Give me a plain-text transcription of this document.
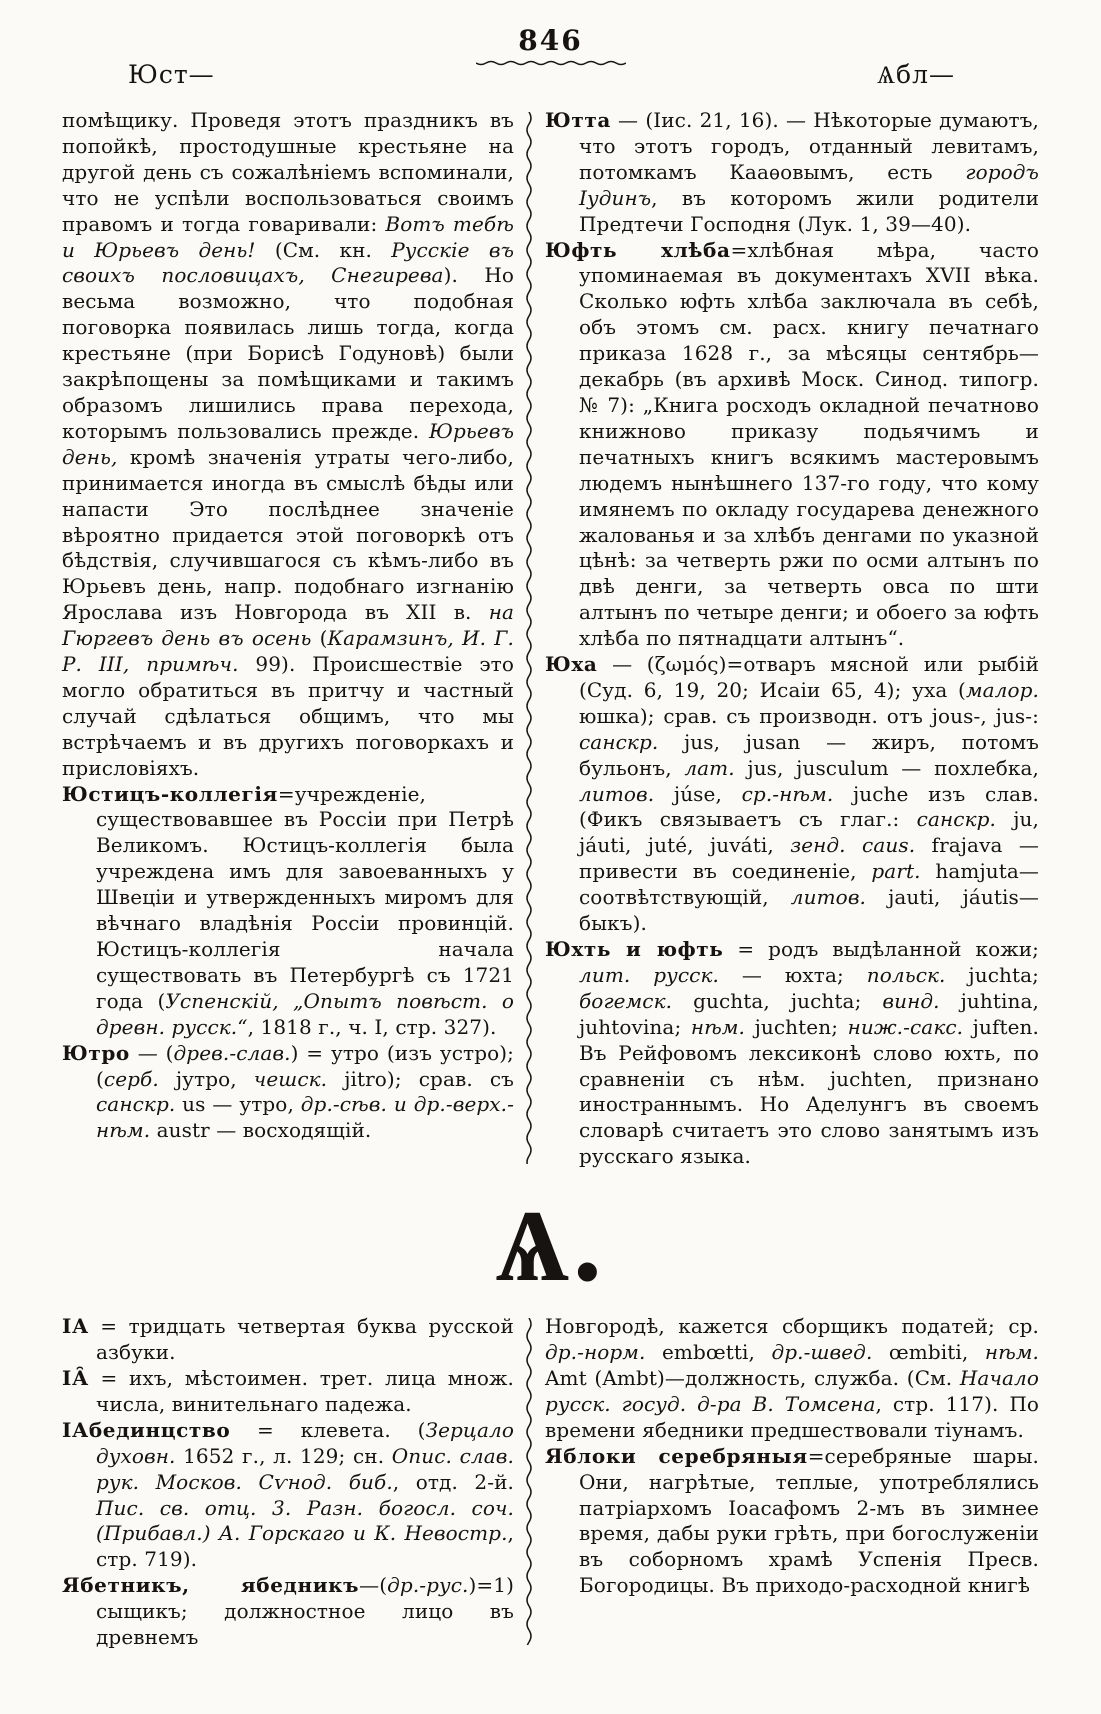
Юст—
846
Ѧбл—

помѣщику. Проведя этотъ праздникъ въ попойкѣ, простодушные крестьяне на другой день съ сожалѣніемъ вспоминали, что не успѣли воспользоваться своимъ правомъ и тогда говаривали: Вотъ тебѣ и Юрьевъ день! (См. кн. Русскіе въ своихъ пословицахъ, Снегирева). Но весьма возможно, что подобная поговорка появилась лишь тогда, когда крестьяне (при Борисѣ Годуновѣ) были закрѣпощены за помѣщиками и такимъ образомъ лишились права перехода, которымъ пользовались прежде. Юрьевъ день, кромѣ значенія утраты чего-либо, принимается иногда въ смыслѣ бѣды или напасти Это послѣднее значеніе вѣроятно придается этой поговоркѣ отъ бѣдствія, случившагося съ кѣмъ-либо въ Юрьевъ день, напр. подобнаго изгнанію Ярослава изъ Новгорода въ XII в. на Гюргевъ день въ осень (Карамзинъ, И. Г. Р. III, примѣч. 99). Происшествіе это могло обратиться въ притчу и частный случай сдѣлаться общимъ, что мы встрѣчаемъ и въ другихъ поговоркахъ и присловіяхъ.

Юстицъ-коллегія=учрежденіе, существовавшее въ Россіи при Петрѣ Великомъ. Юстицъ-коллегія была учреждена имъ для завоеванныхъ у Швеціи и утвержденныхъ миромъ для вѣчнаго владѣнія Россіи провинцій. Юстицъ-коллегія начала существовать въ Петербургѣ съ 1721 года (Успенскій, „Опытъ повѣст. о древн. русск.“, 1818 г., ч. I, стр. 327).

Ютро — (древ.-слав.) = утро (изъ устро); (серб. јутро, чешск. jitro); срав. съ санскр. us — утро, др.-сѣв. и др.-верх.-нѣм. austr — восходящій.

Ютта — (Іис. 21, 16). — Нѣкоторые думаютъ, что этотъ городъ, отданный левитамъ, потомкамъ Кааѳовымъ, есть городъ Іудинъ, въ которомъ жили родители Предтечи Господня (Лук. 1, 39—40).

Юфть хлѣба=хлѣбная мѣра, часто упоминаемая въ документахъ XVII вѣка. Сколько юфть хлѣба заключала въ себѣ, объ этомъ см. расх. книгу печатнаго приказа 1628 г., за мѣсяцы сентябрь—декабрь (въ архивѣ Моск. Синод. типогр. № 7): „Книга росходъ окладной печатново книжново приказу подьячимъ и печатныхъ книгъ всякимъ мастеровымъ людемъ нынѣшнего 137-го году, что кому имянемъ по окладу государева денежного жалованья и за хлѣбъ денгами по указной цѣнѣ: за четверть ржи по осми алтынъ по двѣ денги, за четверть овса по шти алтынъ по четыре денги; и обоего за юфть хлѣба по пятнадцати алтынъ“.

Юха — (ζωμός)=отваръ мясной или рыбій (Суд. 6, 19, 20; Исаіи 65, 4); уха (малор. юшка); срав. съ производн. отъ jous-, jus-: санскр. jus, jusan — жиръ, потомъ бульонъ, лат. jus, jusculum — похлебка, литов. júse, ср.-нѣм. juche изъ слав. (Фикъ связываетъ съ глаг.: санскр. ju, jáuti, juté, juváti, зенд. caus. frajava — привести въ соединеніе, part. hamjuta—соотвѣтствующій, литов. jauti, jáutis—быкъ).

Юхть и юфть = родъ выдѣланной кожи; лит. русск. — юхта; польск. juchta; богемск. guchta, juchta; винд. juhtina, juhtovina; нѣм. juchten; ниж.-сакс. juften. Въ Рейфовомъ лексиконѣ слово юхть, по сравненіи съ нѣм. juchten, признано иностраннымъ. Но Аделунгъ въ своемъ словарѣ считаетъ это слово занятымъ изъ русскаго языка.

Ѧ.

ІА = тридцать четвертая буква русской азбуки.

ІА̑ = ихъ, мѣстоимен. трет. лица множ. числа, винительнаго падежа.

ІАбединцство = клевета. (Зерцало духовн. 1652 г., л. 129; сн. Опис. слав. рук. Москов. Сѵнод. биб., отд. 2-й. Пис. св. отц. 3. Разн. богосл. соч. (Прибавл.) А. Горскаго и К. Невостр., стр. 719).

Ябетникъ, ябедникъ—(др.-рус.)=1) сыщикъ; должностное лицо въ древнемъ

Новгородѣ, кажется сборщикъ податей; ср. др.-норм. embœtti, др.-швед. œmbiti, нѣм. Amt (Ambt)—должность, служба. (См. Начало русск. госуд. д-ра В. Томсена, стр. 117). По времени ябедники предшествовали тіунамъ.

Яблоки серебряныя=серебряные шары. Они, нагрѣтые, теплые, употреблялись патріархомъ Іоасафомъ 2-мъ въ зимнее время, дабы руки грѣть, при богослуженіи въ соборномъ храмѣ Успенія Пресв. Богородицы. Въ приходо-расходной книгѣ
